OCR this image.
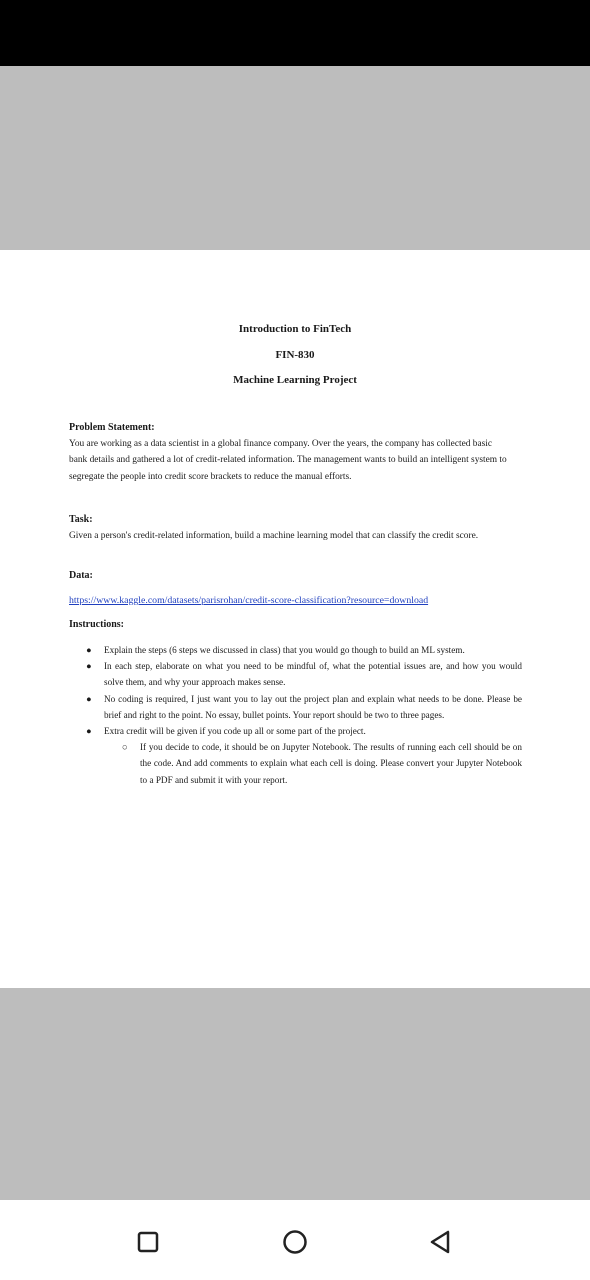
Introduction to FinTech
FIN-830
Machine Learning Project
Problem Statement:
You are working as a data scientist in a global finance company. Over the years, the company has collected basic bank details and gathered a lot of credit-related information. The management wants to build an intelligent system to segregate the people into credit score brackets to reduce the manual efforts.
Task:
Given a person's credit-related information, build a machine learning model that can classify the credit score.
Data:
https://www.kaggle.com/datasets/parisrohan/credit-score-classification?resource=download
Instructions:
● Explain the steps (6 steps we discussed in class) that you would go though to build an ML system.
● In each step, elaborate on what you need to be mindful of, what the potential issues are, and how you would solve them, and why your approach makes sense.
● No coding is required, I just want you to lay out the project plan and explain what needs to be done. Please be brief and right to the point. No essay, bullet points. Your report should be two to three pages.
● Extra credit will be given if you code up all or some part of the project.
○ If you decide to code, it should be on Jupyter Notebook. The results of running each cell should be on the code. And add comments to explain what each cell is doing. Please convert your Jupyter Notebook to a PDF and submit it with your report.
